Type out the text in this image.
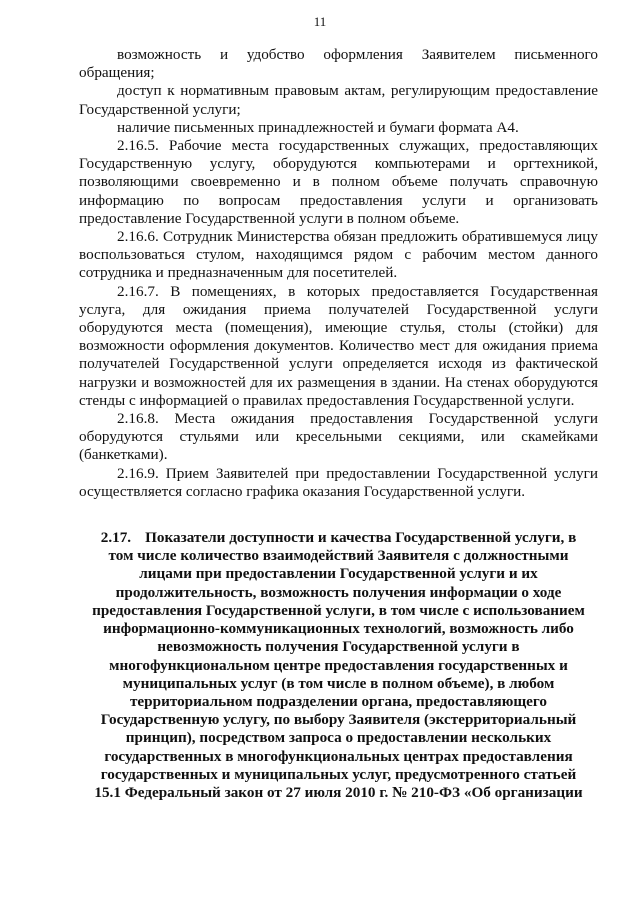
11

возможность и удобство оформления Заявителем письменного обращения;

доступ к нормативным правовым актам, регулирующим предоставление Государственной услуги;

наличие письменных принадлежностей и бумаги формата А4.

2.16.5. Рабочие места государственных служащих, предоставляющих Государственную услугу, оборудуются компьютерами и оргтехникой, позволяющими своевременно и в полном объеме получать справочную информацию по вопросам предоставления услуги и организовать предоставление Государственной услуги в полном объеме.

2.16.6. Сотрудник Министерства обязан предложить обратившемуся лицу воспользоваться стулом, находящимся рядом с рабочим местом данного сотрудника и предназначенным для посетителей.

2.16.7. В помещениях, в которых предоставляется Государственная услуга, для ожидания приема получателей Государственной услуги оборудуются места (помещения), имеющие стулья, столы (стойки) для возможности оформления документов. Количество мест для ожидания приема получателей Государственной услуги определяется исходя из фактической нагрузки и возможностей для их размещения в здании. На стенах оборудуются стенды с информацией о правилах предоставления Государственной услуги.

2.16.8. Места ожидания предоставления Государственной услуги оборудуются стульями или кресельными секциями, или скамейками (банкетками).

2.16.9. Прием Заявителей при предоставлении Государственной услуги осуществляется согласно графика оказания Государственной услуги.

2.17. Показатели доступности и качества Государственной услуги, в том числе количество взаимодействий Заявителя с должностными лицами при предоставлении Государственной услуги и их продолжительность, возможность получения информации о ходе предоставления Государственной услуги, в том числе с использованием информационно-коммуникационных технологий, возможность либо невозможность получения Государственной услуги в многофункциональном центре предоставления государственных и муниципальных услуг (в том числе в полном объеме), в любом территориальном подразделении органа, предоставляющего Государственную услугу, по выбору Заявителя (экстерриториальный принцип), посредством запроса о предоставлении нескольких государственных в многофункциональных центрах предоставления государственных и муниципальных услуг, предусмотренного статьей 15.1 Федеральный закон от 27 июля 2010 г. № 210-ФЗ «Об организации
